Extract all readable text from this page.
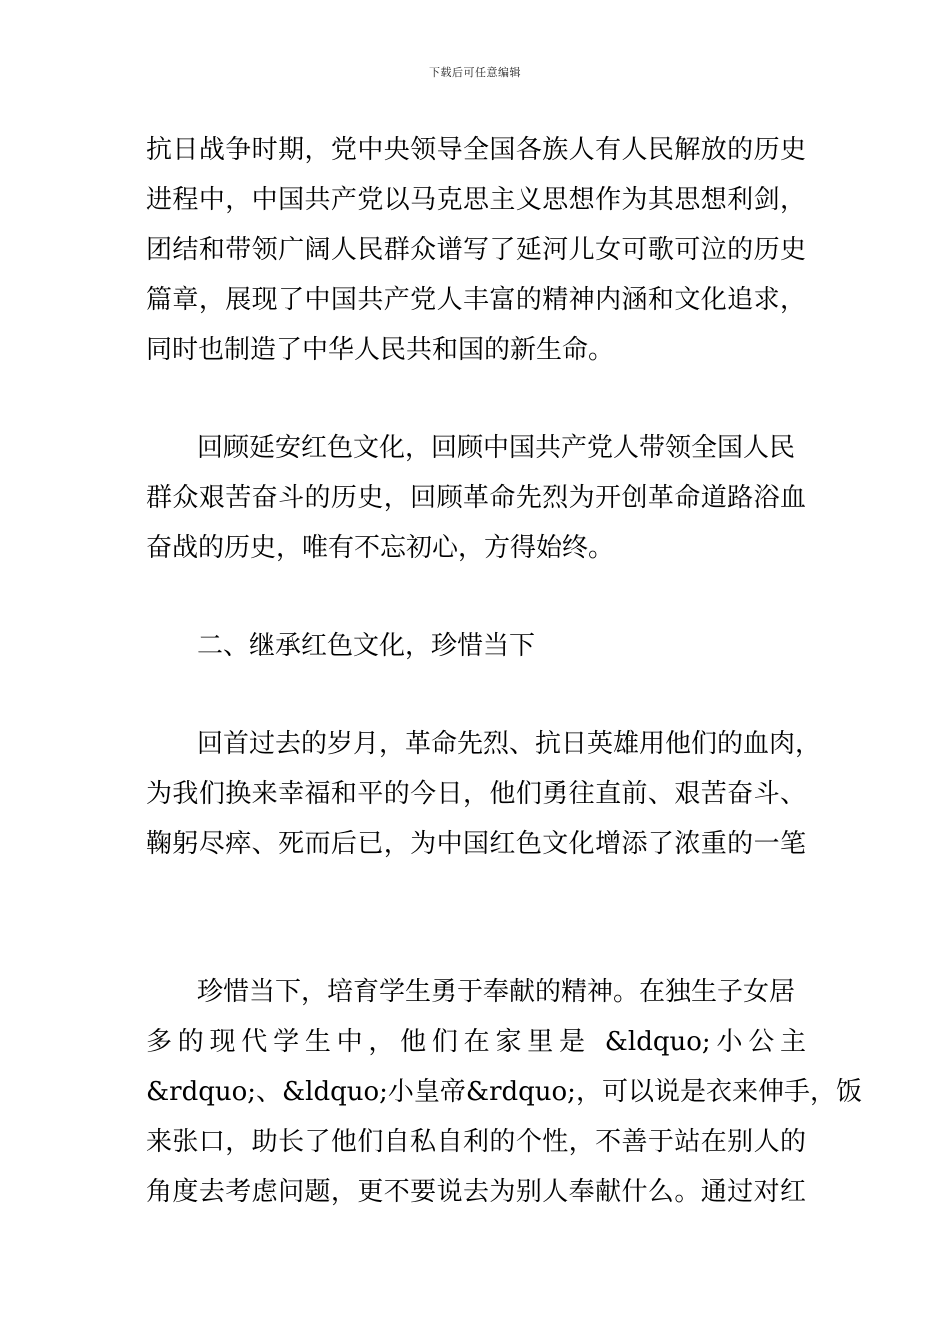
下载后可任意编辑
抗日战争时期，党中央领导全国各族人有人民解放的历史
进程中，中国共产党以马克思主义思想作为其思想利剑，
团结和带领广阔人民群众谱写了延河儿女可歌可泣的历史
篇章，展现了中国共产党人丰富的精神内涵和文化追求，
同时也制造了中华人民共和国的新生命。
回顾延安红色文化，回顾中国共产党人带领全国人民
群众艰苦奋斗的历史，回顾革命先烈为开创革命道路浴血
奋战的历史，唯有不忘初心，方得始终。
二、继承红色文化，珍惜当下
回首过去的岁月，革命先烈、抗日英雄用他们的血肉，
为我们换来幸福和平的今日，他们勇往直前、艰苦奋斗、
鞠躬尽瘁、死而后已，为中国红色文化增添了浓重的一笔
珍惜当下，培育学生勇于奉献的精神。在独生子女居
多的现代学生中，他们在家里是 &ldquo;小公主
&rdquo;、&ldquo;小皇帝&rdquo;，可以说是衣来伸手，饭
来张口，助长了他们自私自利的个性，不善于站在别人的
角度去考虑问题，更不要说去为别人奉献什么。通过对红
